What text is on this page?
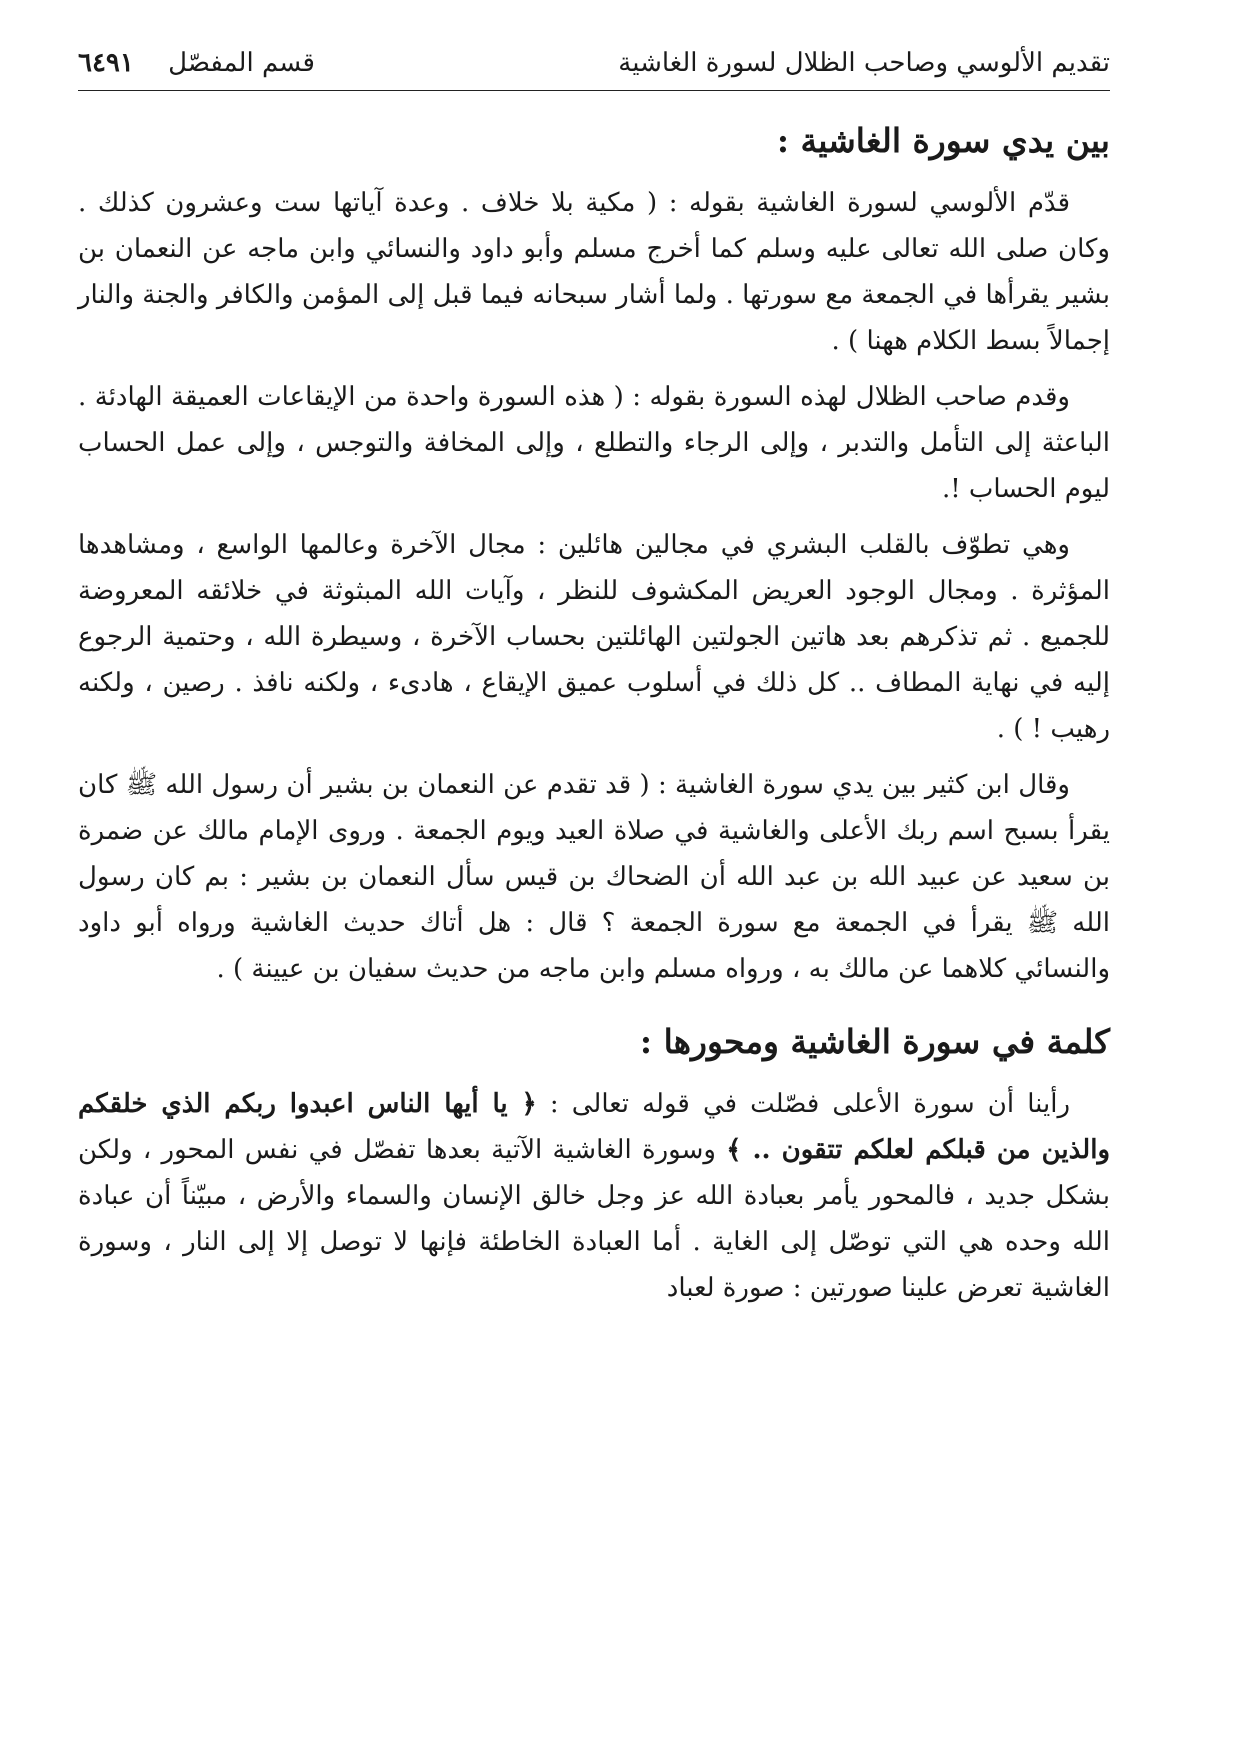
تقديم الألوسي وصاحب الظلال لسورة الغاشية
قسم المفصّل ٦٤٩١
بين يدي سورة الغاشية :

قدّم الألوسي لسورة الغاشية بقوله : ( مكية بلا خلاف . وعدة آياتها ست وعشرون كذلك . وكان صلى الله تعالى عليه وسلم كما أخرج مسلم وأبو داود والنسائي وابن ماجه عن النعمان بن بشير يقرأها في الجمعة مع سورتها . ولما أشار سبحانه فيما قبل إلى المؤمن والكافر والجنة والنار إجمالاً بسط الكلام ههنا ) .

وقدم صاحب الظلال لهذه السورة بقوله : ( هذه السورة واحدة من الإيقاعات العميقة الهادئة . الباعثة إلى التأمل والتدبر ، وإلى الرجاء والتطلع ، وإلى المخافة والتوجس ، وإلى عمل الحساب ليوم الحساب !.

وهي تطوّف بالقلب البشري في مجالين هائلين : مجال الآخرة وعالمها الواسع ، ومشاهدها المؤثرة . ومجال الوجود العريض المكشوف للنظر ، وآيات الله المبثوثة في خلائقه المعروضة للجميع . ثم تذكرهم بعد هاتين الجولتين الهائلتين بحساب الآخرة ، وسيطرة الله ، وحتمية الرجوع إليه في نهاية المطاف .. كل ذلك في أسلوب عميق الإيقاع ، هادىء ، ولكنه نافذ . رصين ، ولكنه رهيب ! ) .

وقال ابن كثير بين يدي سورة الغاشية : ( قد تقدم عن النعمان بن بشير أن رسول الله ﷺ كان يقرأ بسبح اسم ربك الأعلى والغاشية في صلاة العيد ويوم الجمعة . وروى الإمام مالك عن ضمرة بن سعيد عن عبيد الله بن عبد الله أن الضحاك بن قيس سأل النعمان بن بشير : بم كان رسول الله ﷺ يقرأ في الجمعة مع سورة الجمعة ؟ قال : هل أتاك حديث الغاشية ورواه أبو داود والنسائي كلاهما عن مالك به ، ورواه مسلم وابن ماجه من حديث سفيان بن عيينة ) .

كلمة في سورة الغاشية ومحورها :

رأينا أن سورة الأعلى فصّلت في قوله تعالى : ﴿ يا أيها الناس اعبدوا ربكم الذي خلقكم والذين من قبلكم لعلكم تتقون .. ﴾ وسورة الغاشية الآتية بعدها تفصّل في نفس المحور ، ولكن بشكل جديد ، فالمحور يأمر بعبادة الله عز وجل خالق الإنسان والسماء والأرض ، مبيّناً أن عبادة الله وحده هي التي توصّل إلى الغاية . أما العبادة الخاطئة فإنها لا توصل إلا إلى النار ، وسورة الغاشية تعرض علينا صورتين : صورة لعباد
